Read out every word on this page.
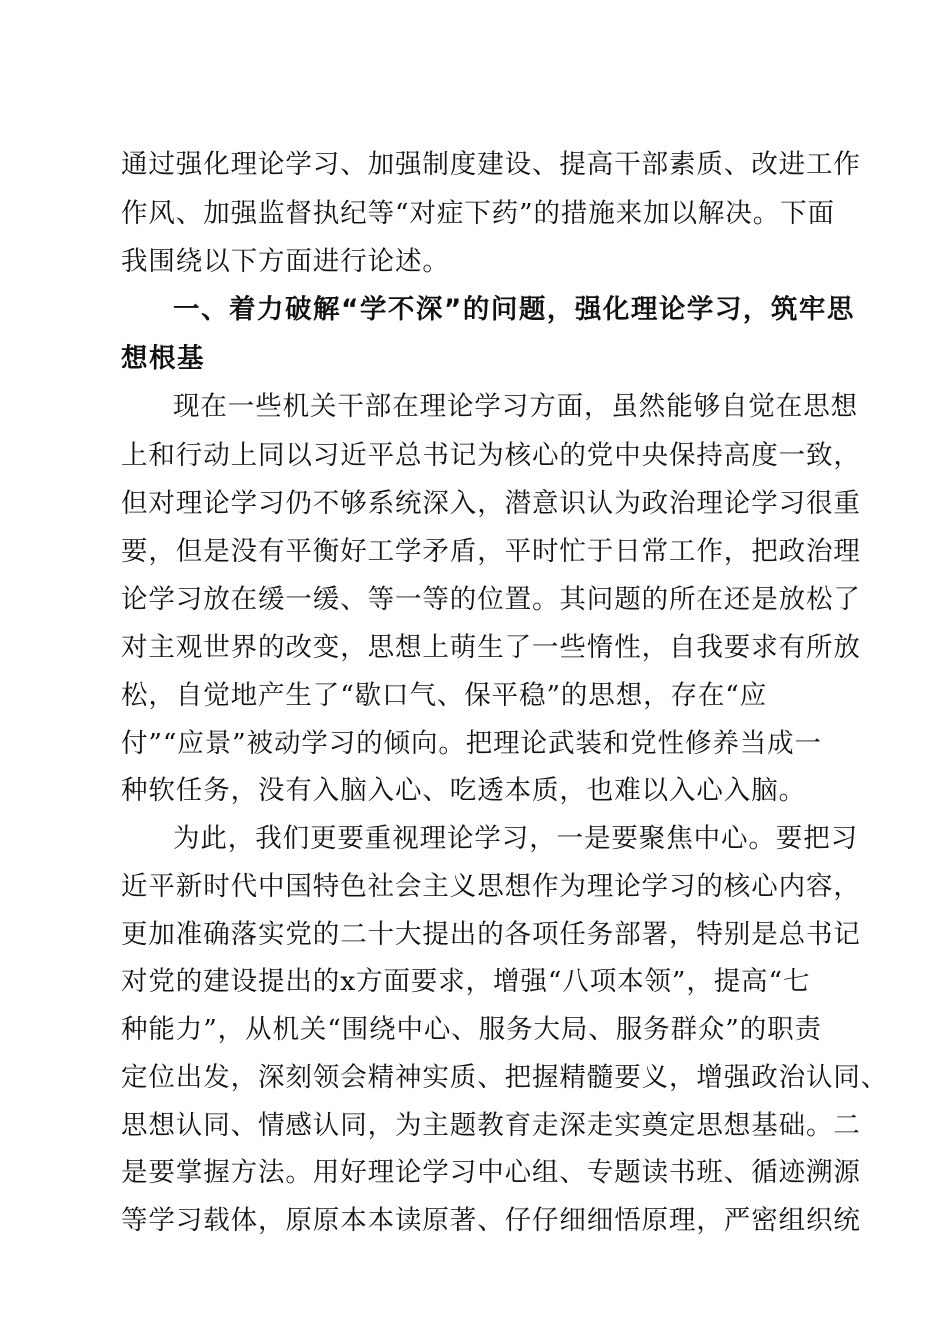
通过强化理论学习、加强制度建设、提高干部素质、改进工作
作风、加强监督执纪等“对症下药”的措施来加以解决。下面
我围绕以下方面进行论述。
一、着力破解“学不深”的问题，强化理论学习，筑牢思
想根基
现在一些机关干部在理论学习方面，虽然能够自觉在思想
上和行动上同以习近平总书记为核心的党中央保持高度一致，
但对理论学习仍不够系统深入，潜意识认为政治理论学习很重
要，但是没有平衡好工学矛盾，平时忙于日常工作，把政治理
论学习放在缓一缓、等一等的位置。其问题的所在还是放松了
对主观世界的改变，思想上萌生了一些惰性，自我要求有所放
松，自觉地产生了“歇口气、保平稳”的思想，存在“应
付”“应景”被动学习的倾向。把理论武装和党性修养当成一
种软任务，没有入脑入心、吃透本质，也难以入心入脑。
为此，我们更要重视理论学习，一是要聚焦中心。要把习
近平新时代中国特色社会主义思想作为理论学习的核心内容，
更加准确落实党的二十大提出的各项任务部署，特别是总书记
对党的建设提出的x方面要求，增强“八项本领”，提高“七
种能力”，从机关“围绕中心、服务大局、服务群众”的职责
定位出发，深刻领会精神实质、把握精髓要义，增强政治认同、
思想认同、情感认同，为主题教育走深走实奠定思想基础。二
是要掌握方法。用好理论学习中心组、专题读书班、循迹溯源
等学习载体，原原本本读原著、仔仔细细悟原理，严密组织统
